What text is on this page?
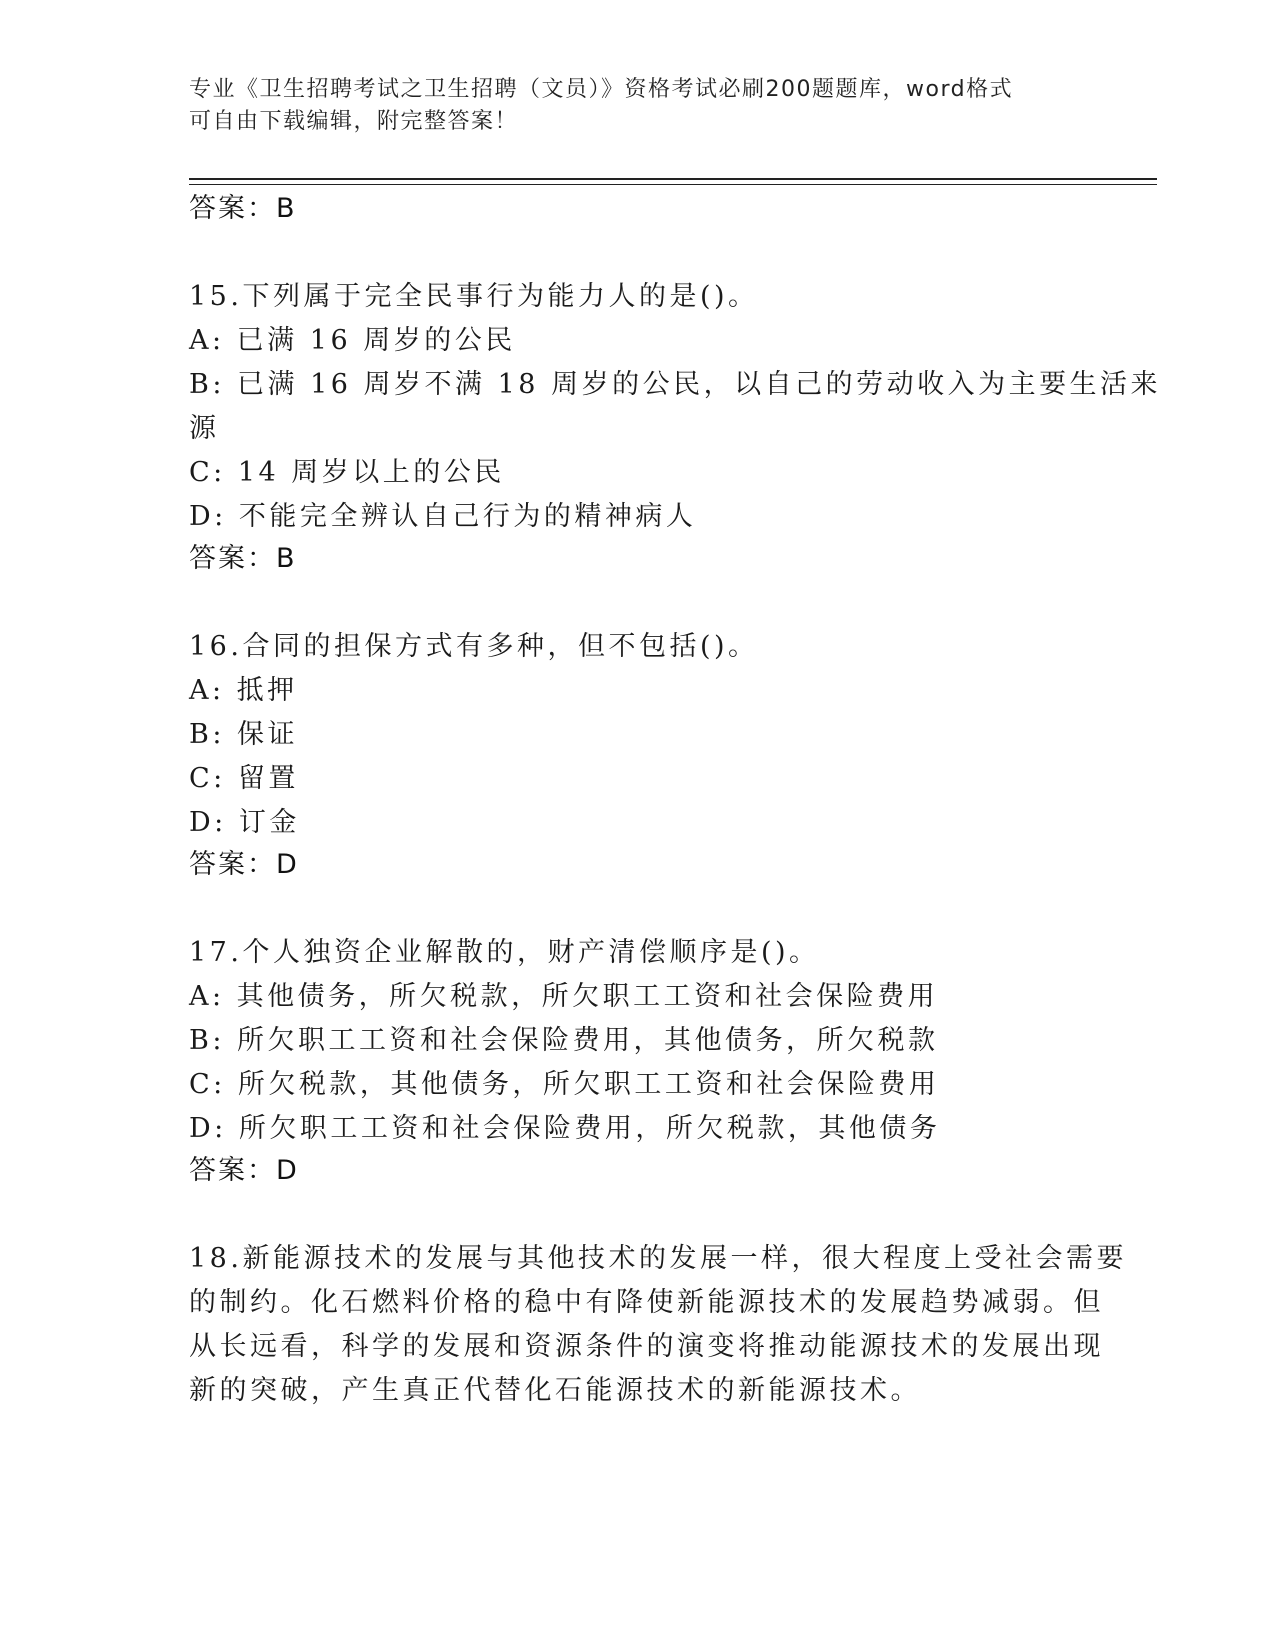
专业《卫生招聘考试之卫生招聘（文员）》资格考试必刷200题题库，word格式
可自由下载编辑，附完整答案！
答案：B
15.下列属于完全民事行为能力人的是()。
A: 已满 16 周岁的公民
B: 已满 16 周岁不满 18 周岁的公民，以自己的劳动收入为主要生活来
源
C: 14 周岁以上的公民
D: 不能完全辨认自己行为的精神病人
答案：B
16.合同的担保方式有多种，但不包括()。
A: 抵押
B: 保证
C: 留置
D: 订金
答案：D
17.个人独资企业解散的，财产清偿顺序是()。
A: 其他债务，所欠税款，所欠职工工资和社会保险费用
B: 所欠职工工资和社会保险费用，其他债务，所欠税款
C: 所欠税款，其他债务，所欠职工工资和社会保险费用
D: 所欠职工工资和社会保险费用，所欠税款，其他债务
答案：D
18.新能源技术的发展与其他技术的发展一样，很大程度上受社会需要
的制约。化石燃料价格的稳中有降使新能源技术的发展趋势减弱。但
从长远看，科学的发展和资源条件的演变将推动能源技术的发展出现
新的突破，产生真正代替化石能源技术的新能源技术。
